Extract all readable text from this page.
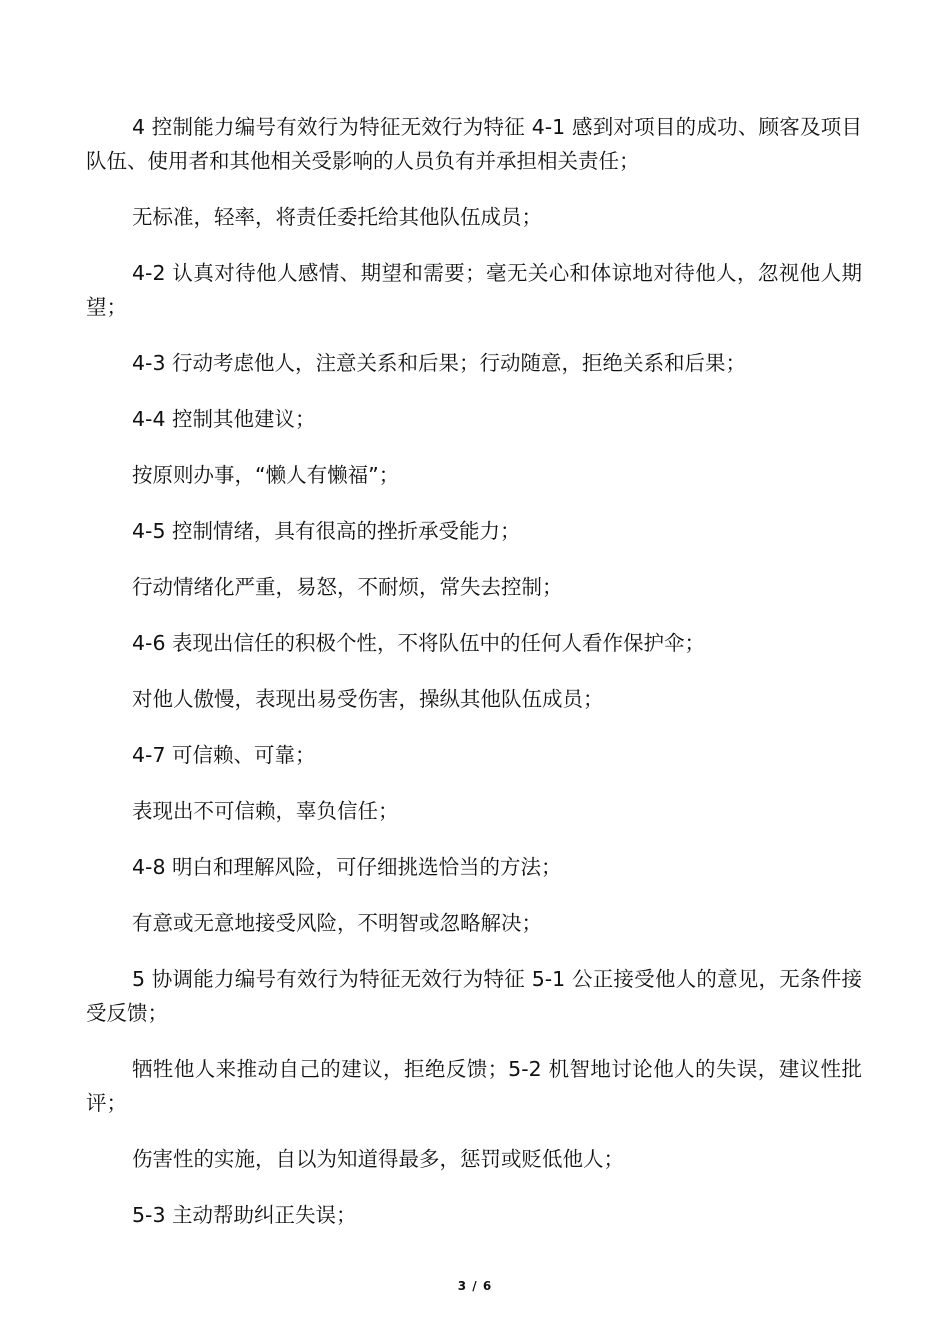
4 控制能力编号有效行为特征无效行为特征 4-1 感到对项目的成功、顾客及项目队伍、使用者和其他相关受影响的人员负有并承担相关责任；

无标准，轻率，将责任委托给其他队伍成员；

4-2 认真对待他人感情、期望和需要；毫无关心和体谅地对待他人，忽视他人期望；

4-3 行动考虑他人，注意关系和后果；行动随意，拒绝关系和后果；

4-4 控制其他建议；

按原则办事，“懒人有懒福”；

4-5 控制情绪，具有很高的挫折承受能力；

行动情绪化严重，易怒，不耐烦，常失去控制；

4-6 表现出信任的积极个性，不将队伍中的任何人看作保护伞；

对他人傲慢，表现出易受伤害，操纵其他队伍成员；

4-7 可信赖、可靠；

表现出不可信赖，辜负信任；

4-8 明白和理解风险，可仔细挑选恰当的方法；

有意或无意地接受风险，不明智或忽略解决；

5 协调能力编号有效行为特征无效行为特征 5-1 公正接受他人的意见，无条件接受反馈；

牺牲他人来推动自己的建议，拒绝反馈；5-2 机智地讨论他人的失误，建议性批评；

伤害性的实施，自以为知道得最多，惩罚或贬低他人；

5-3 主动帮助纠正失误；

3 / 6
